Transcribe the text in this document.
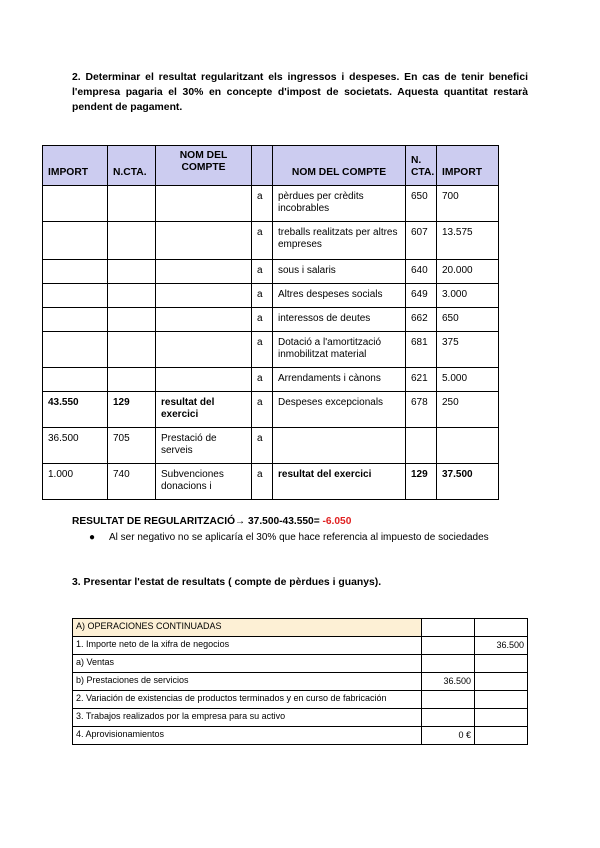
2. Determinar el resultat regularitzant els ingressos i despeses. En cas de tenir benefici l'empresa pagaria el 30% en concepte d'impost de societats. Aquesta quantitat restarà pendent de pagament.
IMPORT	N.CTA.	NOM DEL COMPTE		NOM DEL COMPTE	N. CTA.	IMPORT
			a	pèrdues per crèdits incobrables	650	700
			a	treballs realitzats per altres empreses	607	13.575
			a	sous i salaris	640	20.000
			a	Altres despeses socials	649	3.000
			a	interessos de deutes	662	650
			a	Dotació a l'amortització inmobilitzat material	681	375
			a	Arrendaments i cànons	621	5.000
43.550	129	resultat del exercici	a	Despeses excepcionals	678	250
36.500	705	Prestació de serveis	a			
1.000	740	Subvenciones donacions i	a	resultat del exercici	129	37.500
RESULTAT DE REGULARITZACIÓ→ 37.500-43.550= -6.050
●	Al ser negativo no se aplicaría el 30% que hace referencia al impuesto de sociedades
3. Presentar l'estat de resultats ( compte de pèrdues i guanys).
A) OPERACIONES CONTINUADAS		
1. Importe neto de la xifra de negocios		36.500
a) Ventas		
b) Prestaciones de servicios	36.500	
2. Variación de existencias de productos terminados y en curso de fabricación		
3. Trabajos realizados por la empresa para su activo		
4. Aprovisionamientos	0 €	
